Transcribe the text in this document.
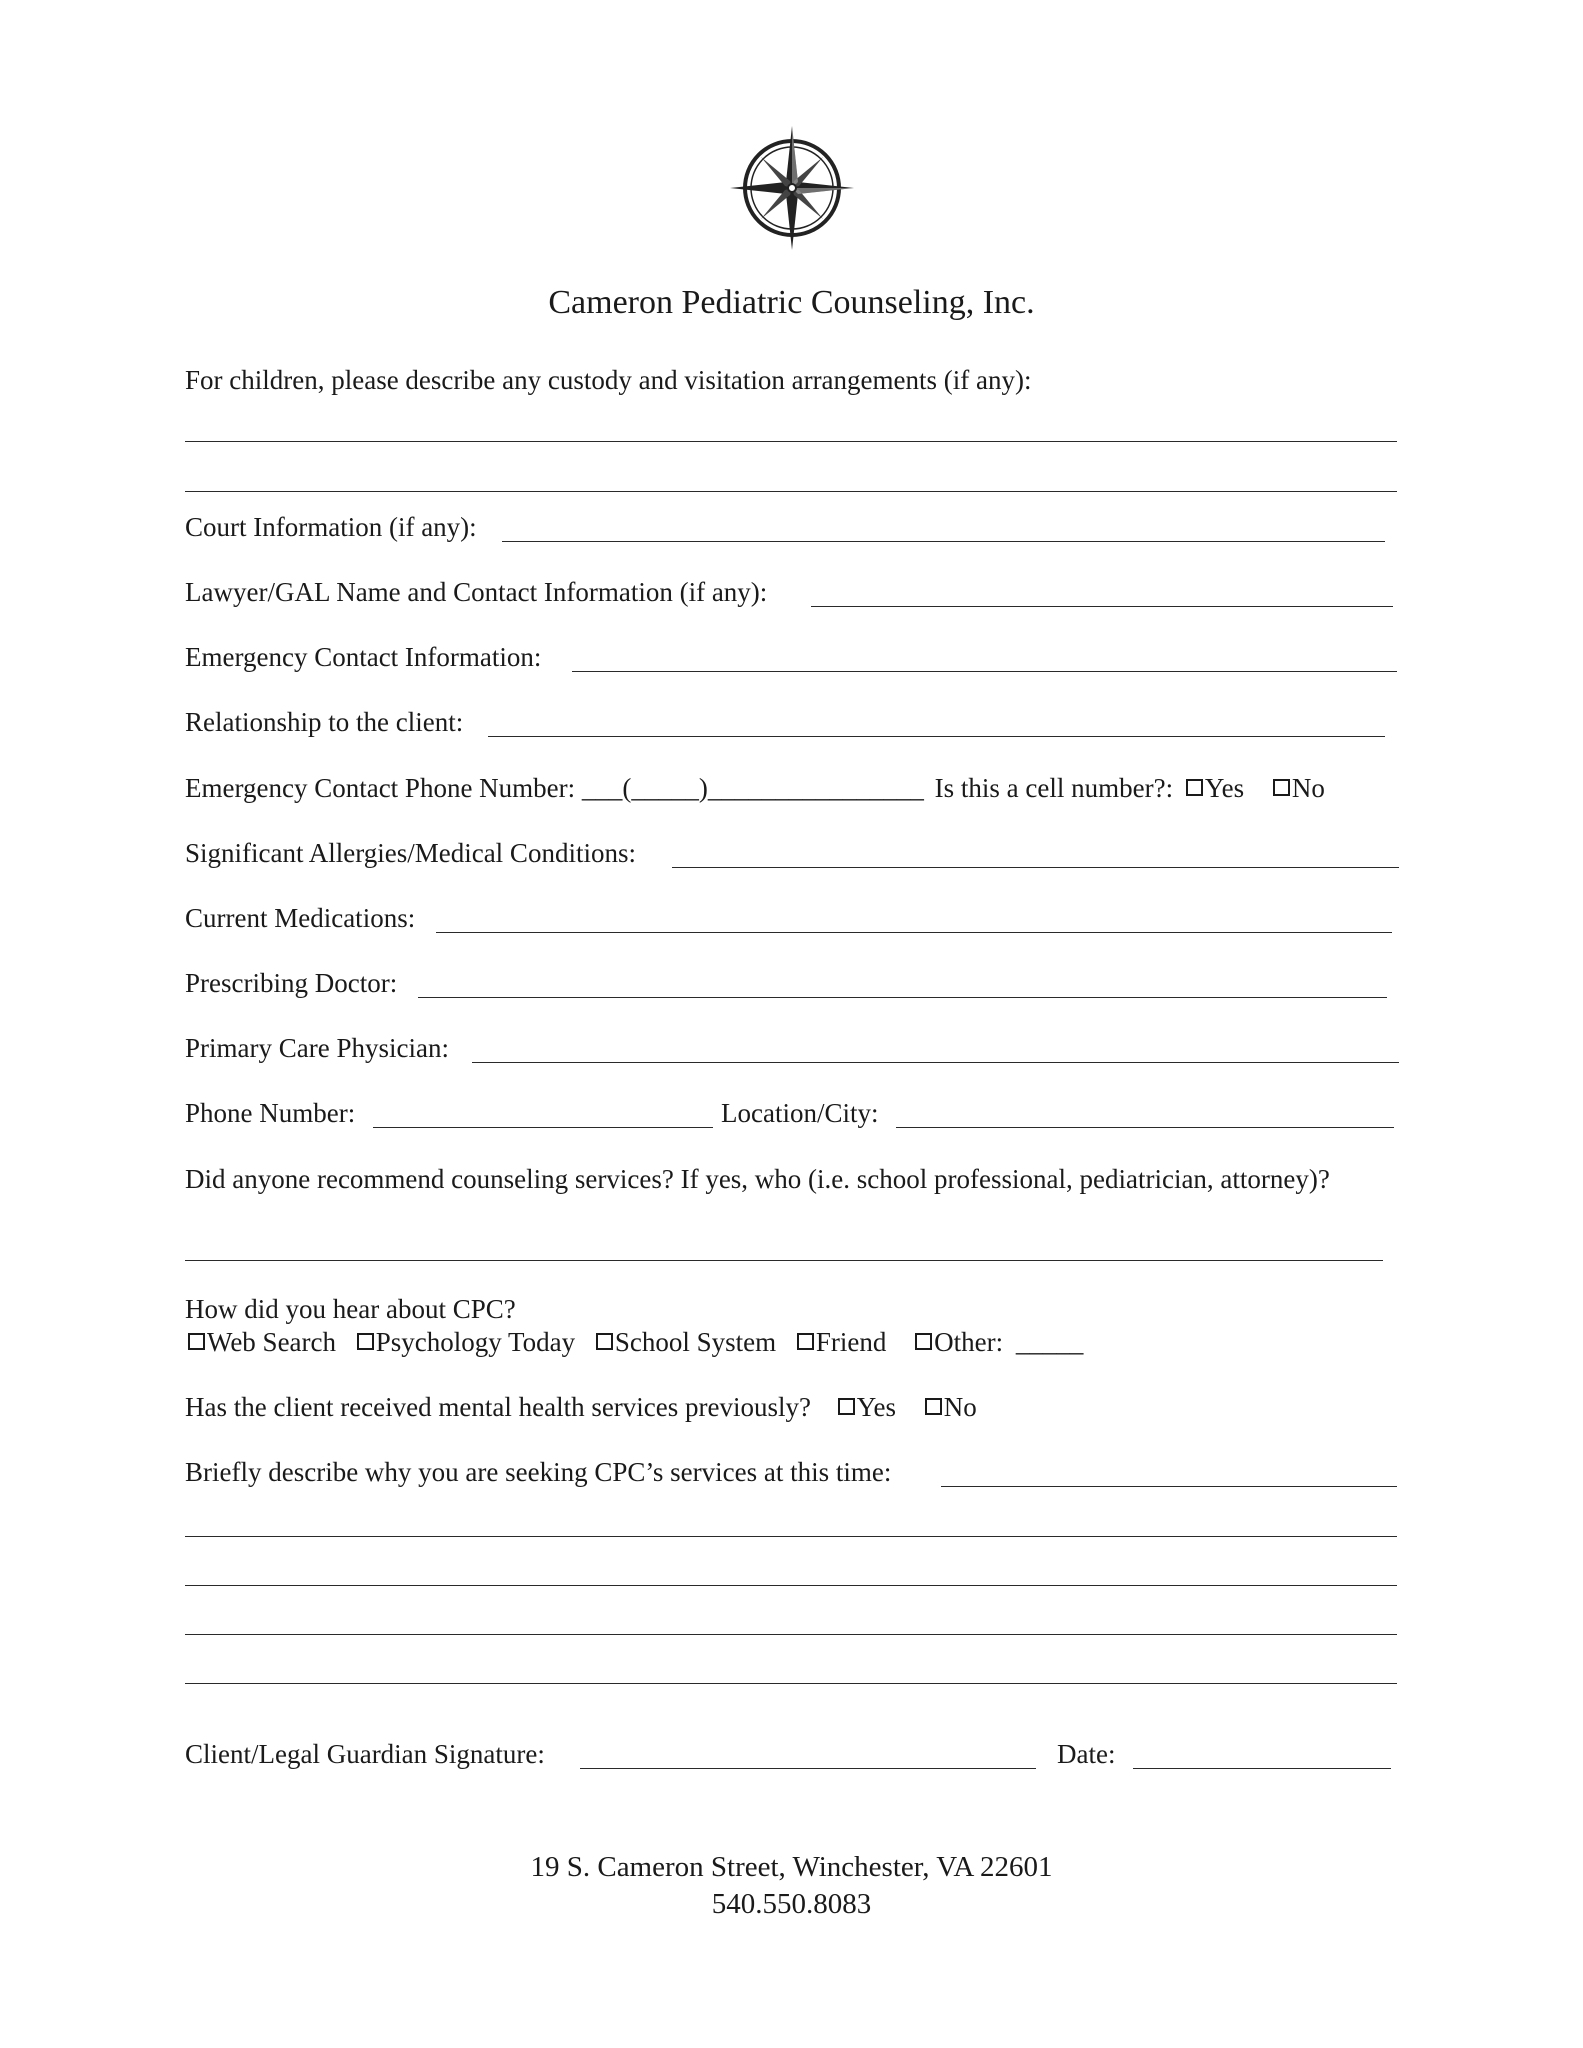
Cameron Pediatric Counseling, Inc.
For children, please describe any custody and visitation arrangements (if any):
Court Information (if any):
Lawyer/GAL Name and Contact Information (if any):
Emergency Contact Information:
Relationship to the client:
Emergency Contact Phone Number: ___(_____)________________ Is this a cell number?: Yes No
Significant Allergies/Medical Conditions:
Current Medications:
Prescribing Doctor:
Primary Care Physician:
Phone Number:	Location/City:
Did anyone recommend counseling services? If yes, who (i.e. school professional, pediatrician, attorney)?
How did you hear about CPC?
Web Search Psychology Today School System Friend Other: _____
Has the client received mental health services previously? Yes No
Briefly describe why you are seeking CPC’s services at this time:
Client/Legal Guardian Signature:	Date:
19 S. Cameron Street, Winchester, VA 22601
540.550.8083
